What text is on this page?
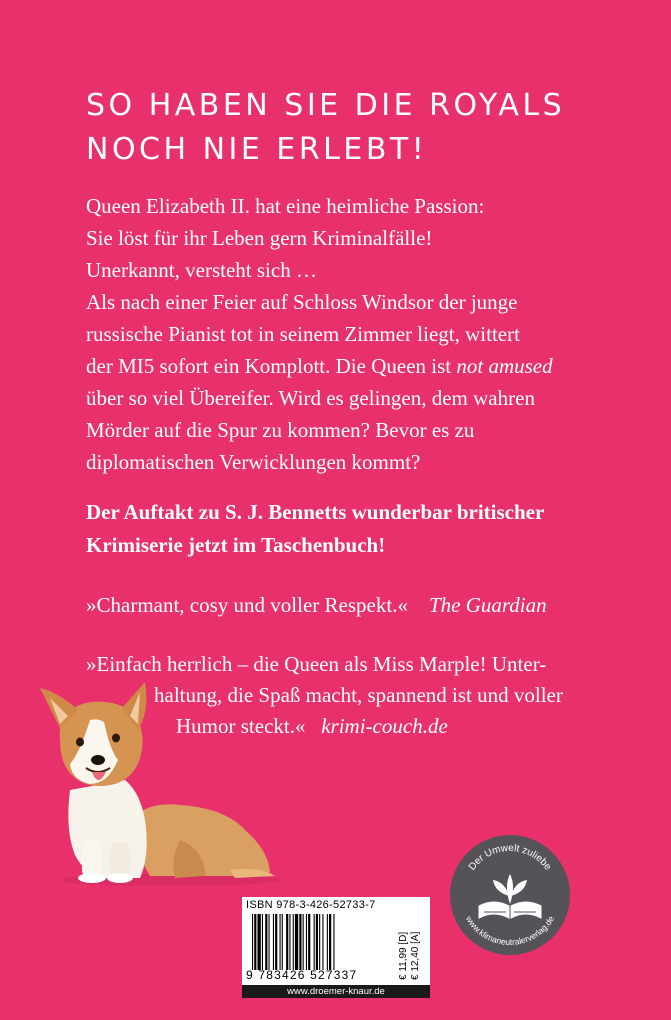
SO HABEN SIE DIE ROYALS
NOCH NIE ERLEBT!
Queen Elizabeth II. hat eine heimliche Passion:
Sie löst für ihr Leben gern Kriminalfälle!
Unerkannt, versteht sich …
Als nach einer Feier auf Schloss Windsor der junge
russische Pianist tot in seinem Zimmer liegt, wittert
der MI5 sofort ein Komplott. Die Queen ist not amused
über so viel Übereifer. Wird es gelingen, dem wahren
Mörder auf die Spur zu kommen? Bevor es zu
diplomatischen Verwicklungen kommt?
Der Auftakt zu S. J. Bennetts wunderbar britischer
Krimiserie jetzt im Taschenbuch!
»Charmant, cosy und voller Respekt.« The Guardian
»Einfach herrlich – die Queen als Miss Marple! Unter-
haltung, die Spaß macht, spannend ist und voller
Humor steckt.« krimi-couch.de
Der Umwelt zuliebe
www.klimaneutralerverlag.de
ISBN 978-3-426-52733-7
9 783426 527337	€ 11,99 [D] € 12,40 [A]
www.droemer-knaur.de
